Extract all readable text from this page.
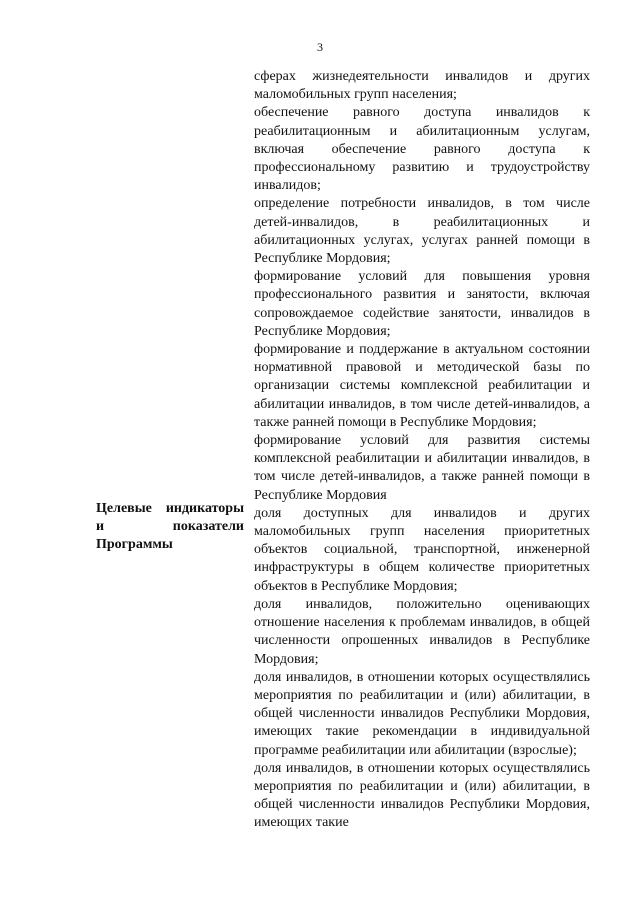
3

сферах жизнедеятельности инвалидов и других маломобильных групп населения;

обеспечение равного доступа инвалидов к реабилитационным и абилитационным услугам, включая обеспечение равного доступа к профессиональному развитию и трудоустройству инвалидов;

определение потребности инвалидов, в том числе детей-инвалидов, в реабилитационных и абилитационных услугах, услугах ранней помощи в Республике Мордовия;

формирование условий для повышения уровня профессионального развития и занятости, включая сопровождаемое содействие занятости, инвалидов в Республике Мордовия;

формирование и поддержание в актуальном состоянии нормативной правовой и методической базы по организации системы комплексной реабилитации и абилитации инвалидов, в том числе детей-инвалидов, а также ранней помощи в Республике Мордовия;

формирование условий для развития системы комплексной реабилитации и абилитации инвалидов, в том числе детей-инвалидов, а также ранней помощи в Республике Мордовия

доля доступных для инвалидов и других маломобильных групп населения приоритетных объектов социальной, транспортной, инженерной инфраструктуры в общем количестве приоритетных объектов в Республике Мордовия;

доля инвалидов, положительно оценивающих отношение населения к проблемам инвалидов, в общей численности опрошенных инвалидов в Республике Мордовия;

доля инвалидов, в отношении которых осуществлялись мероприятия по реабилитации и (или) абилитации, в общей численности инвалидов Республики Мордовия, имеющих такие рекомендации в индивидуальной программе реабилитации или абилитации (взрослые);

доля инвалидов, в отношении которых осуществлялись мероприятия по реабилитации и (или) абилитации, в общей численности инвалидов Республики Мордовия, имеющих такие

Целевые индикаторы и показатели Программы
